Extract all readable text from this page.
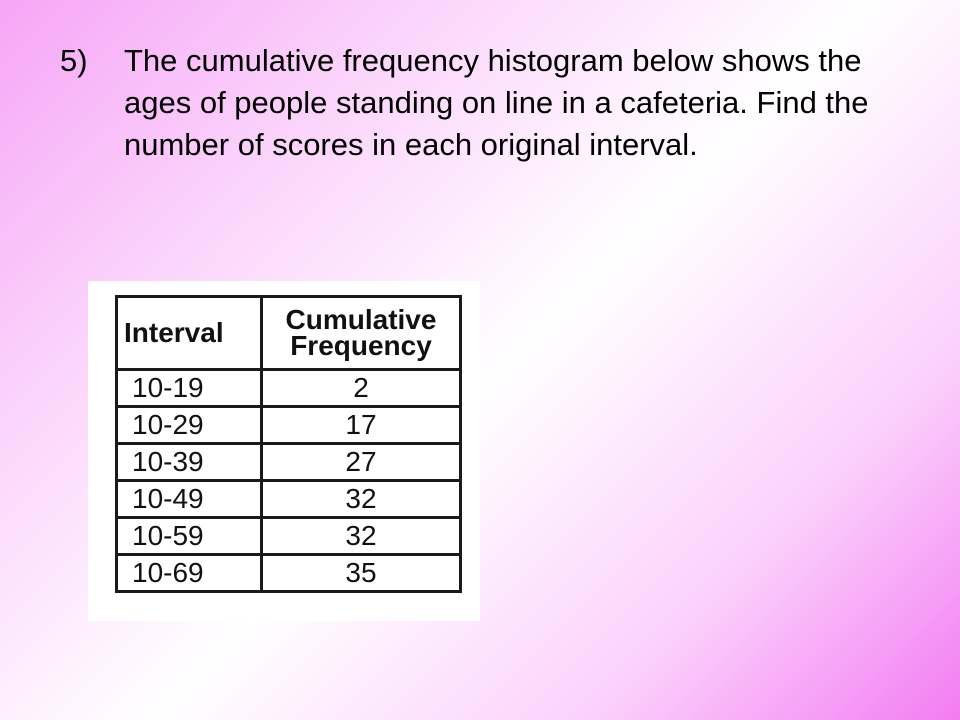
5)	The cumulative frequency histogram below shows the ages of people standing on line in a cafeteria. Find the number of scores in each original interval.
Interval	Cumulative
Frequency

10-19	2
10-29	17
10-39	27
10-49	32
10-59	32
10-69	35
